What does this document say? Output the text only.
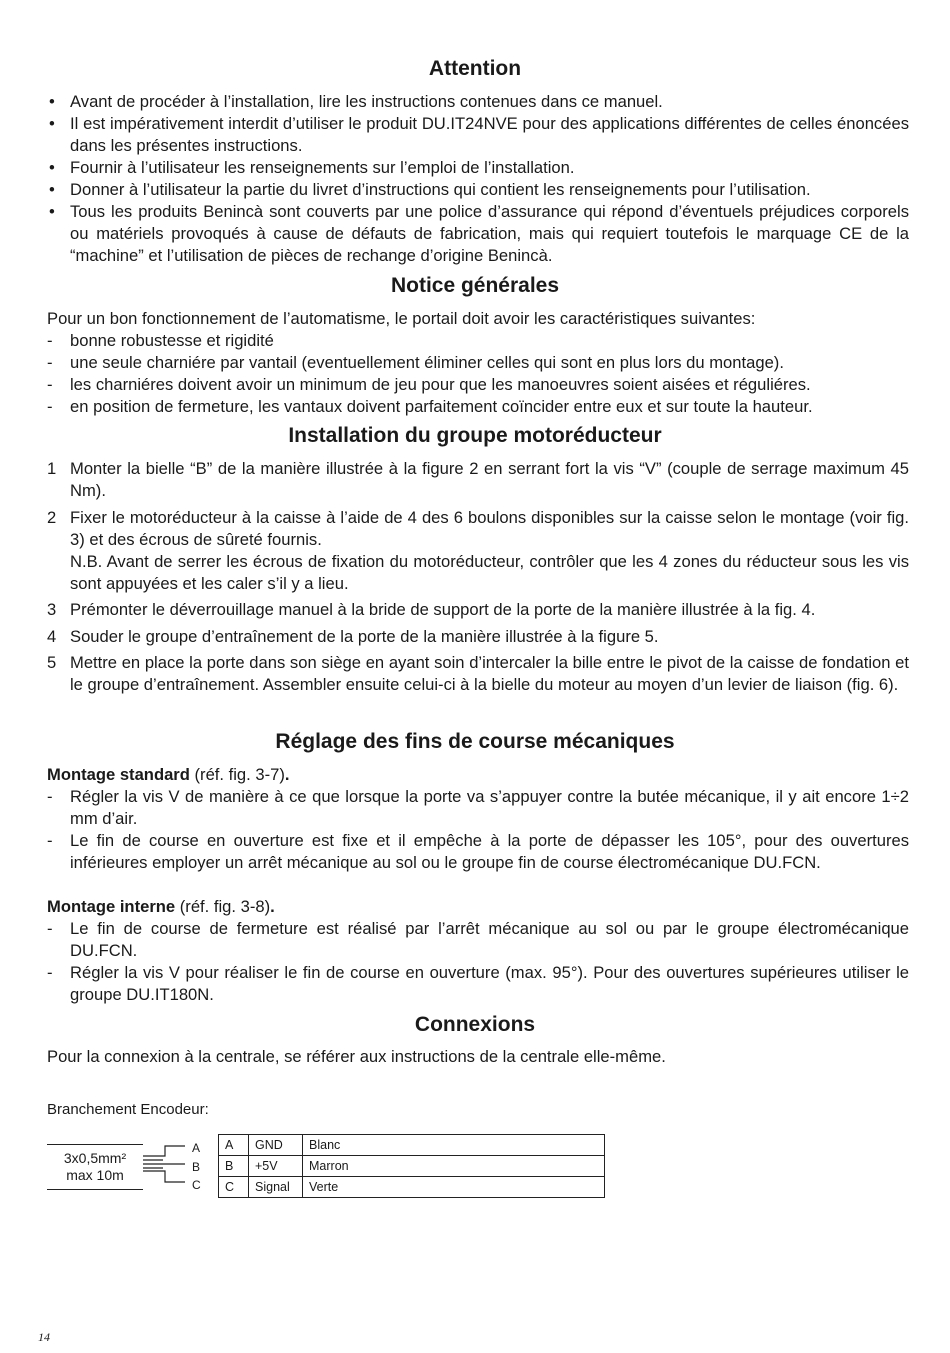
Attention
• Avant de procéder à l’installation, lire les instructions contenues dans ce manuel.
• Il est impérativement interdit d’utiliser le produit DU.IT24NVE pour des applications différentes de celles énoncées dans les présentes instructions.
• Fournir à l’utilisateur les renseignements sur l’emploi de l’installation.
• Donner à l’utilisateur la partie du livret d’instructions qui contient les renseignements pour l’utilisation.
• Tous les produits Benincà sont couverts par une police d’assurance qui répond d’éventuels préjudices corporels ou matériels provoqués à cause de défauts de fabrication, mais qui requiert toutefois le marquage CE de la “machine” et l’utilisation de pièces de rechange d’origine Benincà.
Notice générales
Pour un bon fonctionnement de l’automatisme, le portail doit avoir les caractéristiques suivantes:
-	bonne robustesse et rigidité
-	une seule charniére par vantail (eventuellement éliminer celles qui sont en plus lors du montage).
-	les charniéres doivent avoir un minimum de jeu pour que les manoeuvres soient aisées et réguliéres.
-	en position de fermeture, les vantaux doivent parfaitement coïncider entre eux et sur toute la hauteur.
Installation du groupe motoréducteur
1 Monter la bielle “B” de la manière illustrée à la figure 2 en serrant fort la vis “V” (couple de serrage maximum 45 Nm).
2 Fixer le motoréducteur à la caisse à l’aide de 4 des 6 boulons disponibles sur la caisse selon le montage (voir fig. 3) et des écrous de sûreté fournis.
N.B. Avant de serrer les écrous de fixation du motoréducteur, contrôler que les 4 zones du réducteur sous les vis sont appuyées et les caler s’il y a lieu.
3 Prémonter le déverrouillage manuel à la bride de support de la porte de la manière illustrée à la fig. 4.
4 Souder le groupe d’entraînement de la porte de la manière illustrée à la figure 5.
5 Mettre en place la porte dans son siège en ayant soin d’intercaler la bille entre le pivot de la caisse de fondation et le groupe d’entraînement. Assembler ensuite celui-ci à la bielle du moteur au moyen d’un levier de liaison (fig. 6).
Réglage des fins de course mécaniques
Montage standard (réf. fig. 3-7).
-	Régler la vis V de manière à ce que lorsque la porte va s’appuyer contre la butée mécanique, il y ait encore 1÷2 mm d’air.
-	Le fin de course en ouverture est fixe et il empêche à la porte de dépasser les 105°, pour des ouvertures inférieures employer un arrêt mécanique au sol ou le groupe fin de course électromécanique DU.FCN.
Montage interne (réf. fig. 3-8).
-	Le fin de course de fermeture est réalisé par l’arrêt mécanique au sol ou par le groupe électromécanique DU.FCN.
-	Régler la vis V pour réaliser le fin de course en ouverture (max. 95°). Pour des ouvertures supérieures utiliser le groupe DU.IT180N.
Connexions
Pour la connexion à la centrale, se référer aux instructions de la centrale elle-même.
Branchement Encodeur:
3x0,5mm²
max 10m
A
B
C
A	GND	Blanc
B	+5V	Marron
C	Signal	Verte
14
